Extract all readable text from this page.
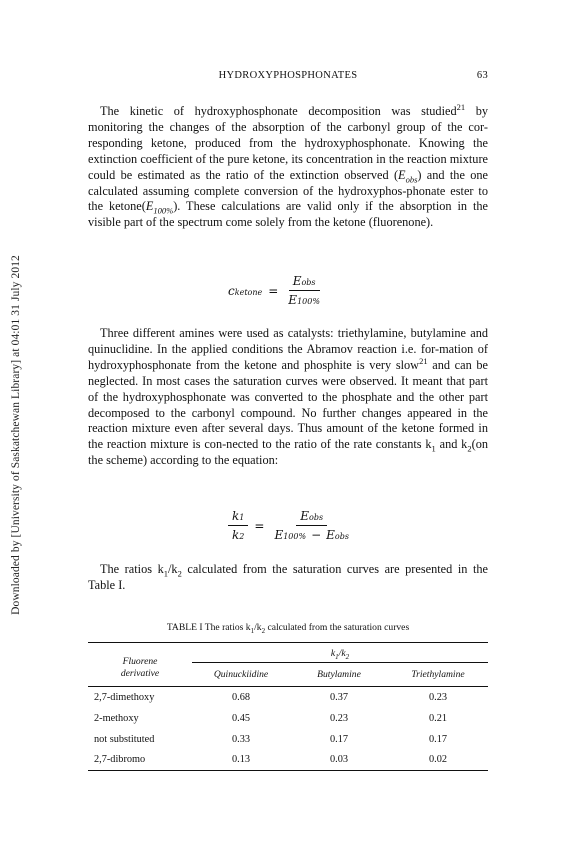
Downloaded by [University of Saskatchewan Library] at 04:01 31 July 2012
HYDROXYPHOSPHONATES	63

The kinetic of hydroxyphosphonate decomposition was studied$^{21}$ by monitoring the changes of the absorption of the carbonyl group of the cor-responding ketone, produced from the hydroxyphosphonate. Knowing the extinction coefficient of the pure ketone, its concentration in the reaction mixture could be estimated as the ratio of the extinction observed $(E_{obs})$ and the one calculated assuming complete conversion of the hydroxyphos-phonate ester to the $ketone(E_{100\%})$. These calculations are valid only if the absorption in the visible part of the spectrum come solely from the ketone (fluorenone).

cketone = $\frac{\text{Eobs}}{E100\%}$

Three different amines were used as catalysts: triethylamine, butylamine and quinuclidine. In the applied conditions the Abramov reaction i.e. for-mation of hydroxyphosphonate from the ketone and phosphite is very slow$^{21}$ and can be neglected. In most cases the saturation curves were observed. It meant that part of the hydroxyphosphonate was converted to the phosphate and the other part decomposed to the carbonyl compound. No further changes appeared in the reaction mixture even after several days. Thus amount of the ketone formed in the reaction mixture is con-nected to the ratio of the rate constants $k_1$ and $k_2(on$ the scheme) according to the equation:

$\frac{k1}{k2} = \frac{\text{Eobs}}{\text{E100\% − Eobs}}$

The ratios $k_1/k_2$ calculated from the saturation curves are presented in the Table I.

TABLE I The ratios $k_1/k_2$ calculated from the saturation curves
Fluorene
derivative	$k_1/k_2$
	Quinuckiidine	Butylamine	Triethylamine
2,7-dimethoxy	0.68	0.37	0.23
2-methoxy	0.45	0.23	0.21
not substituted	0.33	0.17	0.17
2,7-dibromo	0.13	0.03	0.02
